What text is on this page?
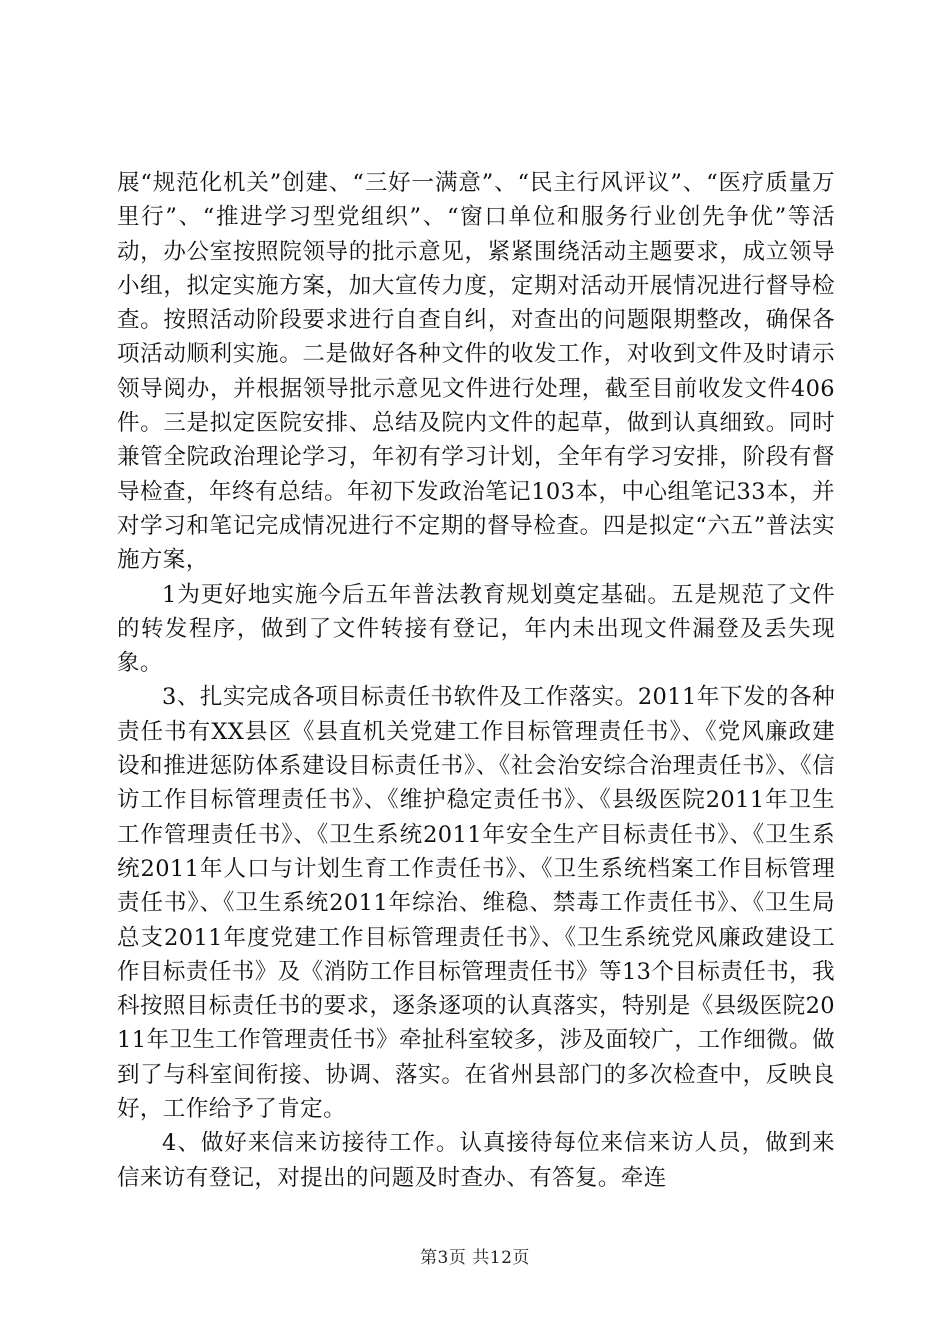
展“规范化机关”创建、“三好一满意”、“民主行风评议”、“医疗质量万里行”、“推进学习型党组织”、“窗口单位和服务行业创先争优”等活动，办公室按照院领导的批示意见，紧紧围绕活动主题要求，成立领导小组，拟定实施方案，加大宣传力度，定期对活动开展情况进行督导检查。按照活动阶段要求进行自查自纠，对查出的问题限期整改，确保各项活动顺利实施。二是做好各种文件的收发工作，对收到文件及时请示领导阅办，并根据领导批示意见文件进行处理，截至目前收发文件406件。三是拟定医院安排、总结及院内文件的起草，做到认真细致。同时兼管全院政治理论学习，年初有学习计划，全年有学习安排，阶段有督导检查，年终有总结。年初下发政治笔记103本，中心组笔记33本，并对学习和笔记完成情况进行不定期的督导检查。四是拟定“六五”普法实施方案，

1为更好地实施今后五年普法教育规划奠定基础。五是规范了文件的转发程序，做到了文件转接有登记，年内未出现文件漏登及丢失现象。

3、扎实完成各项目标责任书软件及工作落实。2011年下发的各种责任书有XX县区《县直机关党建工作目标管理责任书》、《党风廉政建设和推进惩防体系建设目标责任书》、《社会治安综合治理责任书》、《信访工作目标管理责任书》、《维护稳定责任书》、《县级医院2011年卫生工作管理责任书》、《卫生系统2011年安全生产目标责任书》、《卫生系统2011年人口与计划生育工作责任书》、《卫生系统档案工作目标管理责任书》、《卫生系统2011年综治、维稳、禁毒工作责任书》、《卫生局总支2011年度党建工作目标管理责任书》、《卫生系统党风廉政建设工作目标责任书》及《消防工作目标管理责任书》等13个目标责任书，我科按照目标责任书的要求，逐条逐项的认真落实，特别是《县级医院2011年卫生工作管理责任书》牵扯科室较多，涉及面较广，工作细微。做到了与科室间衔接、协调、落实。在省州县部门的多次检查中，反映良好，工作给予了肯定。

4、做好来信来访接待工作。认真接待每位来信来访人员，做到来信来访有登记，对提出的问题及时查办、有答复。牵连

第3页 共12页
